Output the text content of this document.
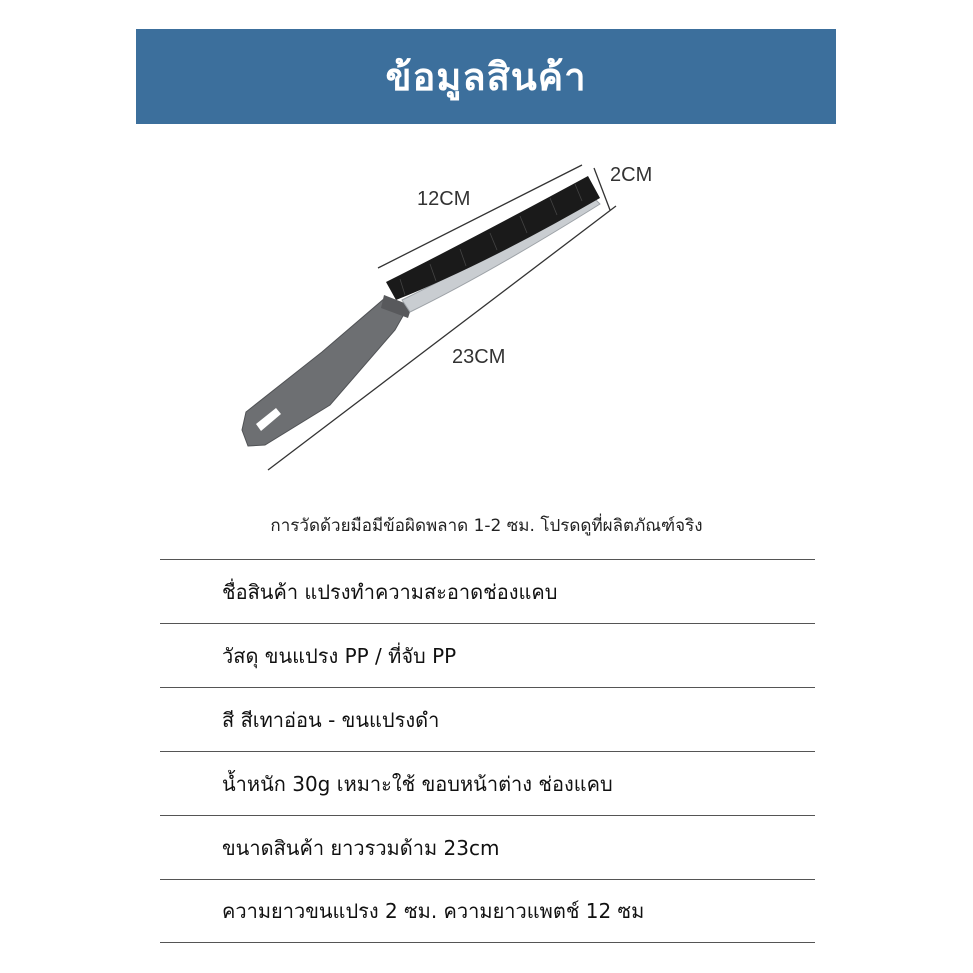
ข้อมูลสินค้า
12CM
2CM
23CM
การวัดด้วยมือมีข้อผิดพลาด 1-2 ซม. โปรดดูที่ผลิตภัณฑ์จริง
ชื่อสินค้า แปรงทำความสะอาดช่องแคบ
วัสดุ ขนแปรง PP / ที่จับ PP
สี สีเทาอ่อน - ขนแปรงดำ
น้ำหนัก 30g เหมาะใช้ ขอบหน้าต่าง ช่องแคบ
ขนาดสินค้า ยาวรวมด้าม 23cm
ความยาวขนแปรง 2 ซม. ความยาวแพตช์ 12 ซม
